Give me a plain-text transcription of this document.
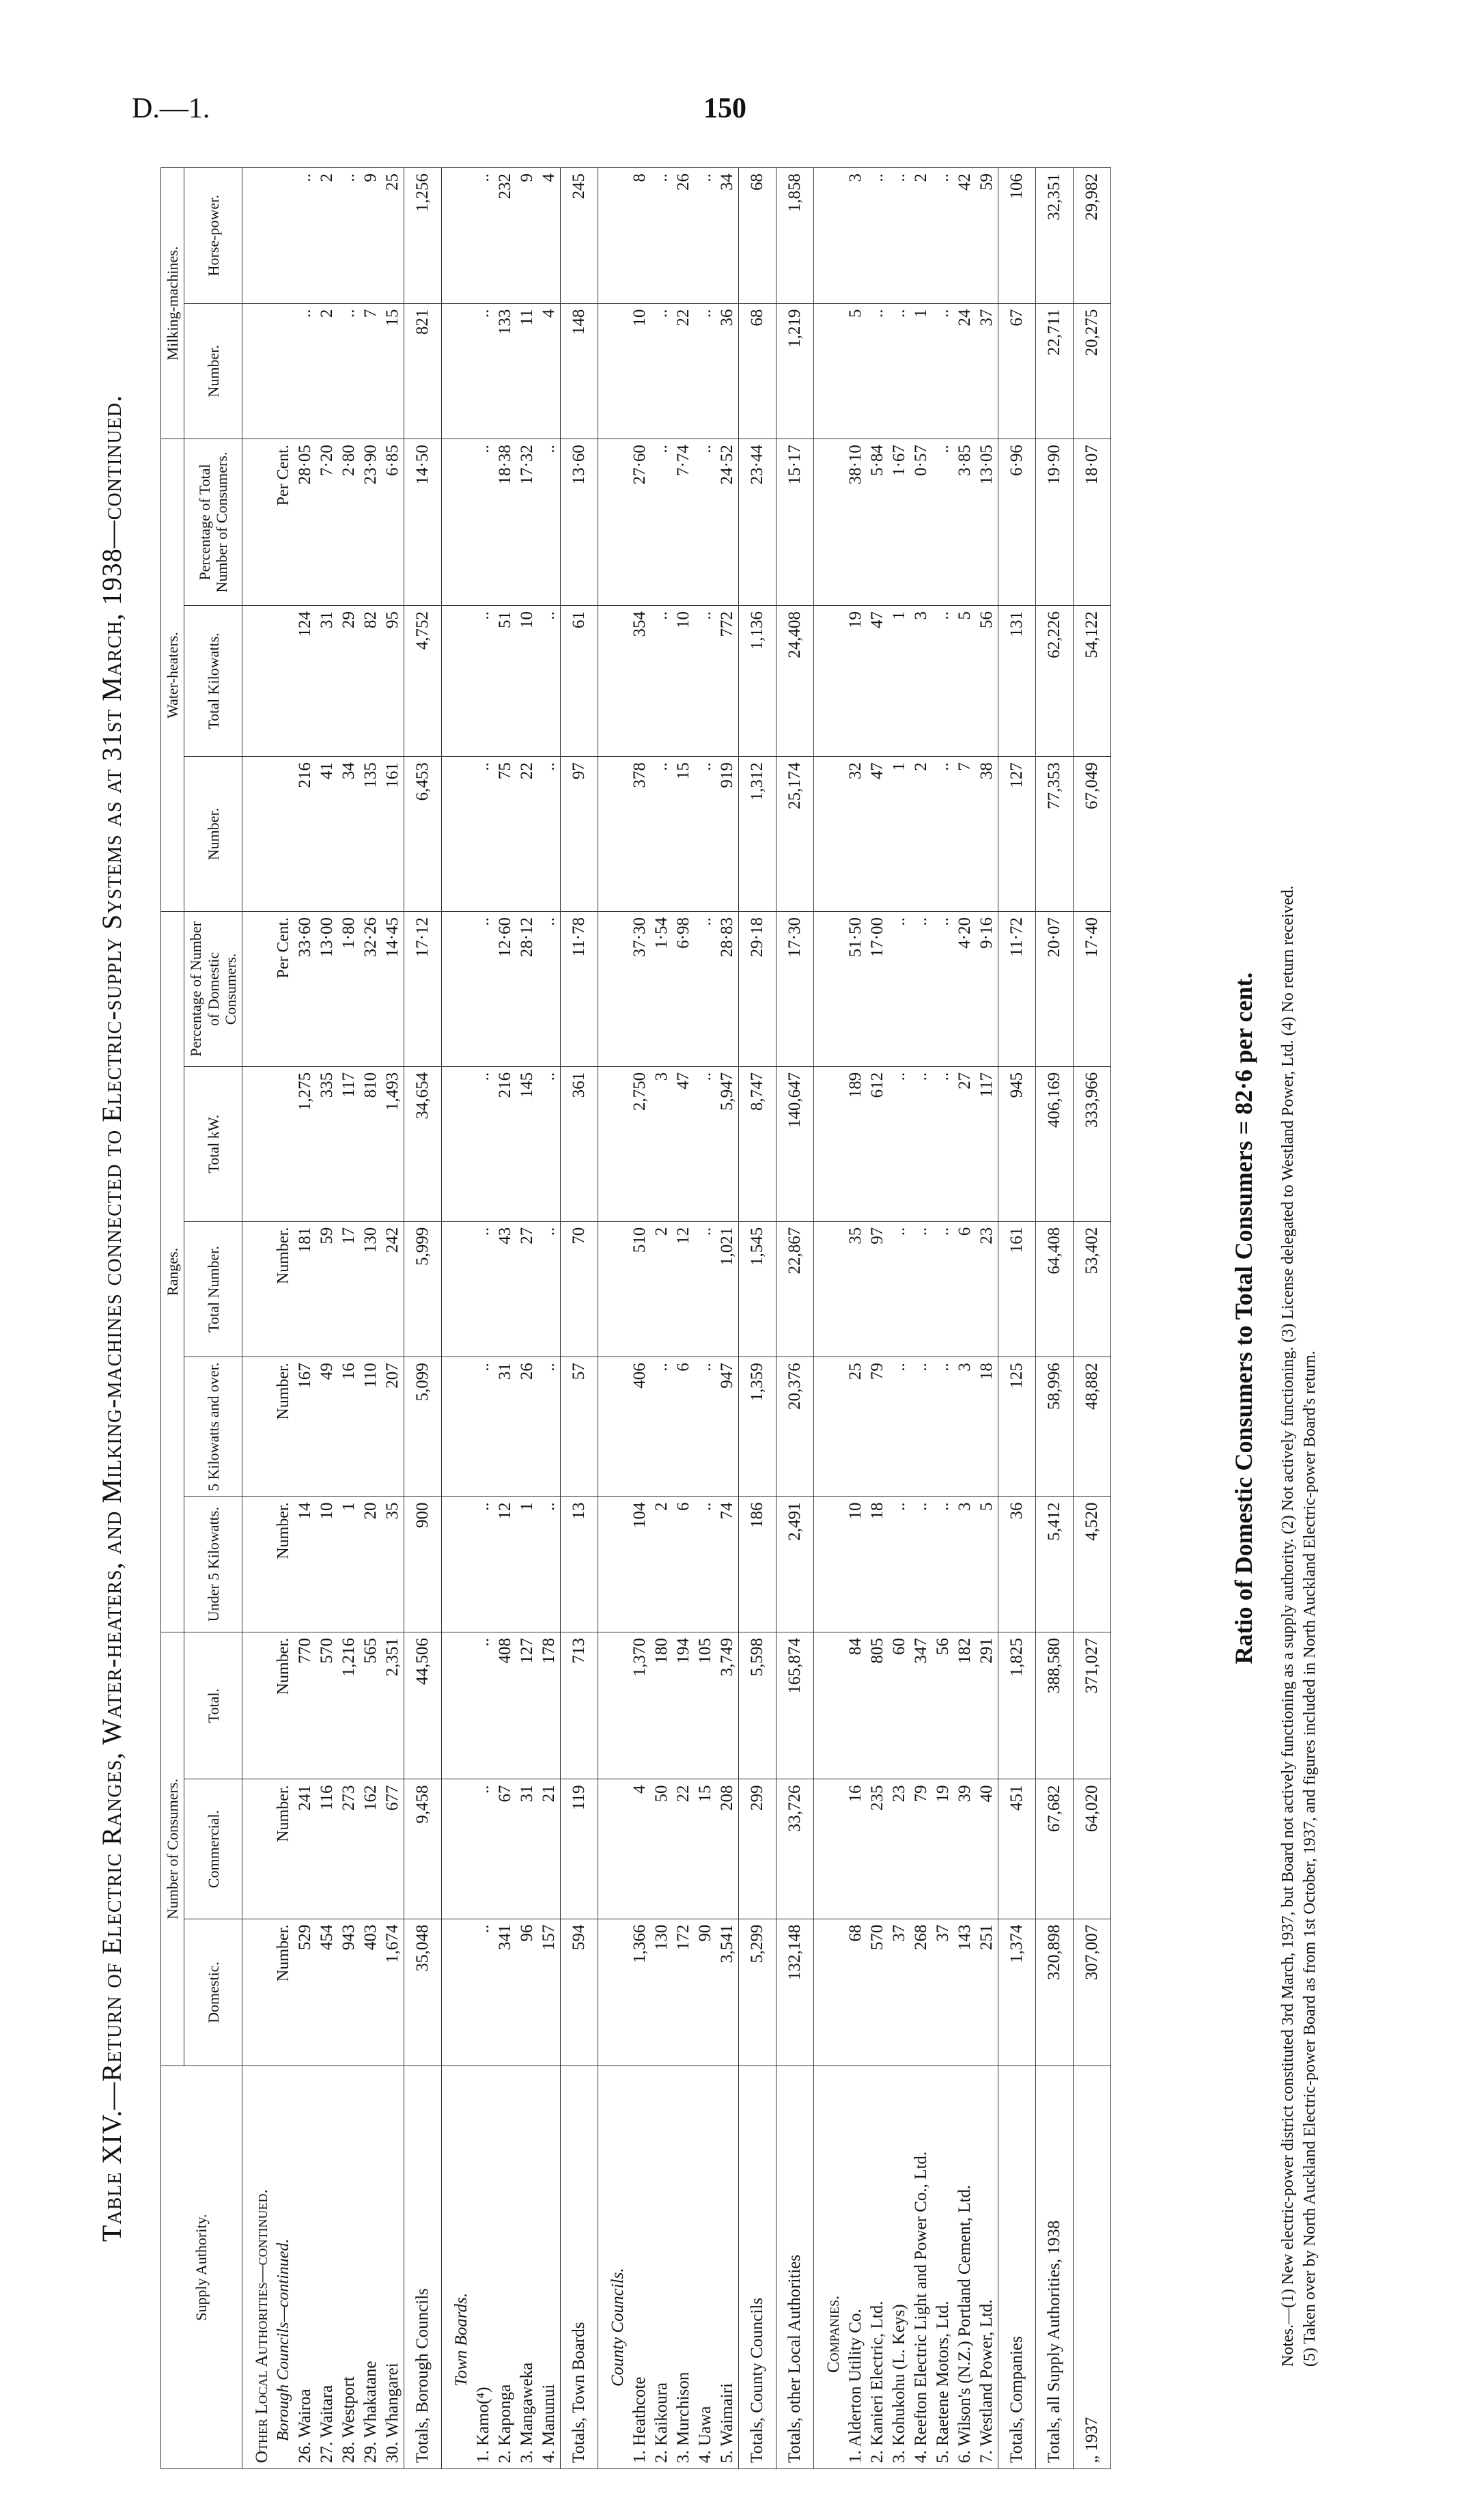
D.—1.	150
Table XIV.—Return of Electric Ranges, Water-heaters, and Milking-machines connected to Electric-supply Systems as at 31st March, 1938—continued.
Supply Authority.	Number of Consumers.			Ranges.					Water-heaters.			Milking-machines.	
	Domestic.	Commercial.	Total.	Under 5 Kilowatts.	5 Kilowatts and over.	Total Number.	Total kW.	Percentage of Number of Domestic Consumers.	Number.	Total Kilowatts.	Percentage of Total Number of Consumers.	Number.	Horse-power.
Other Local Authorities—continued.													
Borough Councils—continued.	Number.	Number.	Number.	Number.	Number.	Number.		Per Cent.			Per Cent.		
26. Wairoa	529	241	770	14	167	181	1,275	33·60	216	124	28·05	..	..
27. Waitara	454	116	570	10	49	59	335	13·00	41	31	7·20	2	2
28. Westport	943	273	1,216	1	16	17	117	1·80	34	29	2·80	..	..
29. Whakatane	403	162	565	20	110	130	810	32·26	135	82	23·90	7	9
30. Whangarei	1,674	677	2,351	35	207	242	1,493	14·45	161	95	6·85	15	25
Totals, Borough Councils	35,048	9,458	44,506	900	5,099	5,999	34,654	17·12	6,453	4,752	14·50	821	1,256
Town Boards.													
1. Kamo(⁴)	..	..	..	..	..	..	..	..	..	..	..	..	..
2. Kaponga	341	67	408	12	31	43	216	12·60	75	51	18·38	133	232
3. Mangaweka	96	31	127	1	26	27	145	28·12	22	10	17·32	11	9
4. Manunui	157	21	178	..	..	..	..	..	..	..	..	4	4
Totals, Town Boards	594	119	713	13	57	70	361	11·78	97	61	13·60	148	245
County Councils.													
1. Heathcote	1,366	4	1,370	104	406	510	2,750	37·30	378	354	27·60	10	8
2. Kaikoura	130	50	180	2	..	2	3	1·54	..	..	..	..	..
3. Murchison	172	22	194	6	6	12	47	6·98	15	10	7·74	22	26
4. Uawa	90	15	105	..	..	..	..	..	..	..	..	..	..
5. Waimairi	3,541	208	3,749	74	947	1,021	5,947	28·83	919	772	24·52	36	34
Totals, County Councils	5,299	299	5,598	186	1,359	1,545	8,747	29·18	1,312	1,136	23·44	68	68
Totals, other Local Authorities	132,148	33,726	165,874	2,491	20,376	22,867	140,647	17·30	25,174	24,408	15·17	1,219	1,858
Companies.													
1. Alderton Utility Co.	68	16	84	10	25	35	189	51·50	32	19	38·10	5	3
2. Kanieri Electric, Ltd.	570	235	805	18	79	97	612	17·00	47	47	5·84	..	..
3. Kohukohu (L. Keys)	37	23	60	..	..	..	..	..	1	1	1·67	..	..
4. Reefton Electric Light and Power Co., Ltd.	268	79	347	..	..	..	..	..	2	3	0·57	1	2
5. Raetene Motors, Ltd.	37	19	56	..	..	..	..	..	..	..	..	..	..
6. Wilson's (N.Z.) Portland Cement, Ltd.	143	39	182	3	3	6	27	4·20	7	5	3·85	24	42
7. Westland Power, Ltd.	251	40	291	5	18	23	117	9·16	38	56	13·05	37	59
Totals, Companies	1,374	451	1,825	36	125	161	945	11·72	127	131	6·96	67	106
Totals, all Supply Authorities, 1938	320,898	67,682	388,580	5,412	58,996	64,408	406,169	20·07	77,353	62,226	19·90	22,711	32,351
„ 1937	307,007	64,020	371,027	4,520	48,882	53,402	333,966	17·40	67,049	54,122	18·07	20,275	29,982
Ratio of Domestic Consumers to Total Consumers = 82·6 per cent. Notes.—(1) New electric-power district constituted 3rd March, 1937, but Board not actively functioning as a supply authority. (2) Not actively functioning. (3) License delegated to Westland Power, Ltd. (4) No return received. (5) Taken over by North Auckland Electric-power Board as from 1st October, 1937, and figures included in North Auckland Electric-power Board's return.
